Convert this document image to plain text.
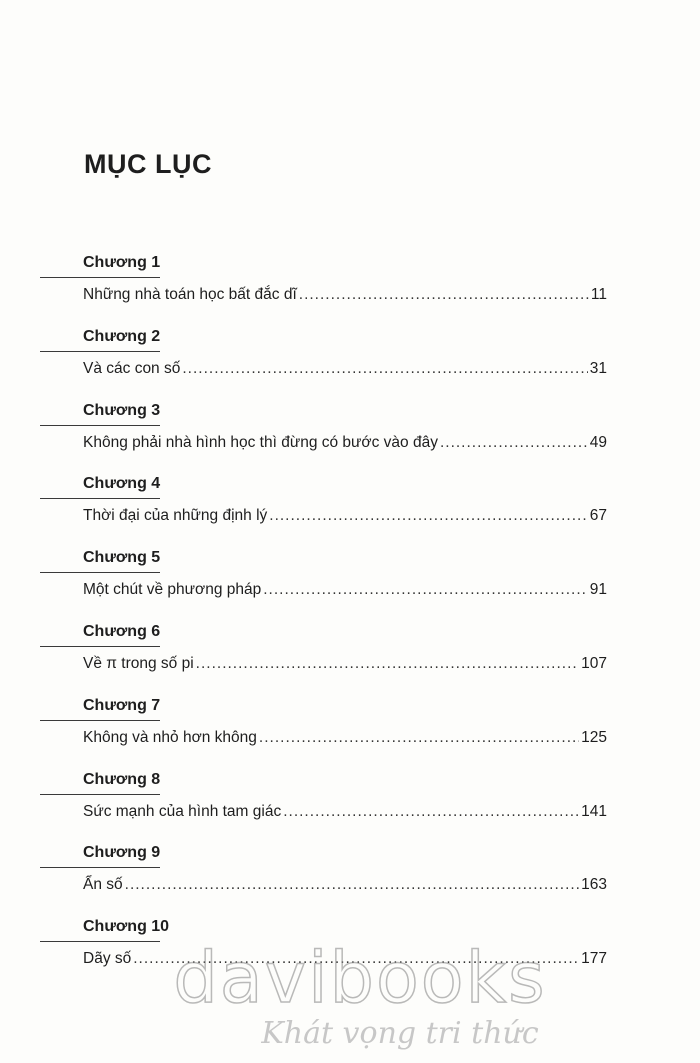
MỤC LỤC
Chương 1
Những nhà toán học bất đắc dĩ .....	11
Chương 2
Và các con số .....	31
Chương 3
Không phải nhà hình học thì đừng có bước vào đây .....	49
Chương 4
Thời đại của những định lý .....	67
Chương 5
Một chút về phương pháp .....	91
Chương 6
Về π trong số pi .....	107
Chương 7
Không và nhỏ hơn không .....	125
Chương 8
Sức mạnh của hình tam giác .....	141
Chương 9
Ẩn số .....	163
Chương 10
Dãy số .....	177
davibooks
Khát vọng tri thức
